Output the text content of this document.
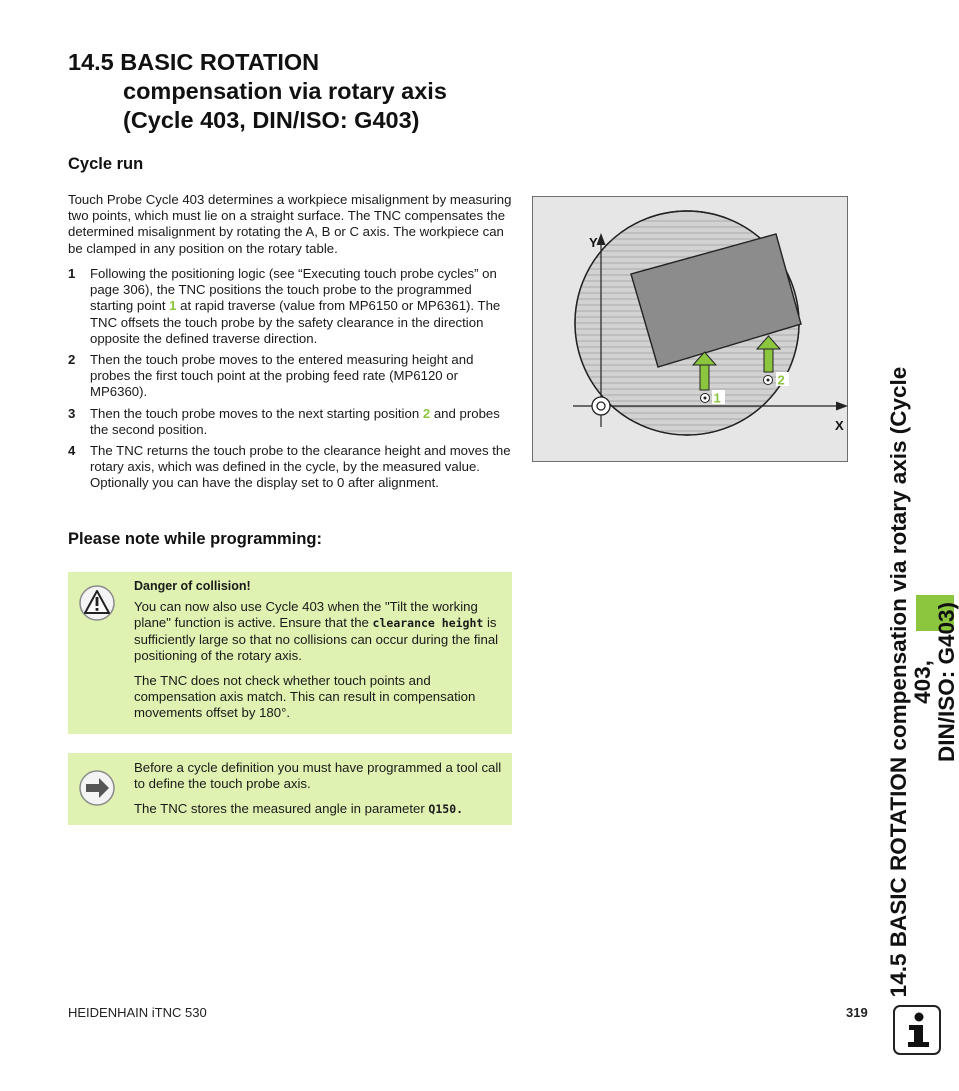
14.5 BASIC ROTATION
compensation via rotary axis
(Cycle 403, DIN/ISO: G403)
Cycle run
Touch Probe Cycle 403 determines a workpiece misalignment by measuring two points, which must lie on a straight surface. The TNC compensates the determined misalignment by rotating the A, B or C axis. The workpiece can be clamped in any position on the rotary table.
1	Following the positioning logic (see “Executing touch probe cycles” on page 306), the TNC positions the touch probe to the programmed starting point 1 at rapid traverse (value from MP6150 or MP6361). The TNC offsets the touch probe by the safety clearance in the direction opposite the defined traverse direction.
2	Then the touch probe moves to the entered measuring height and probes the first touch point at the probing feed rate (MP6120 or MP6360).
3	Then the touch probe moves to the next starting position 2 and probes the second position.
4	The TNC returns the touch probe to the clearance height and moves the rotary axis, which was defined in the cycle, by the measured value. Optionally you can have the display set to 0 after alignment.
Please note while programming:

Danger of collision!

You can now also use Cycle 403 when the "Tilt the working plane" function is active. Ensure that the clearance height is sufficiently large so that no collisions can occur during the final positioning of the rotary axis.

The TNC does not check whether touch points and compensation axis match. This can result in compensation movements offset by 180°.

Before a cycle definition you must have programmed a tool call to define the touch probe axis.

The TNC stores the measured angle in parameter Q150.

Y
X
1
2	14.5 BASIC ROTATION compensation via rotary axis (Cycle 403, DIN/ISO: G403)
HEIDENHAIN iTNC 530	319
